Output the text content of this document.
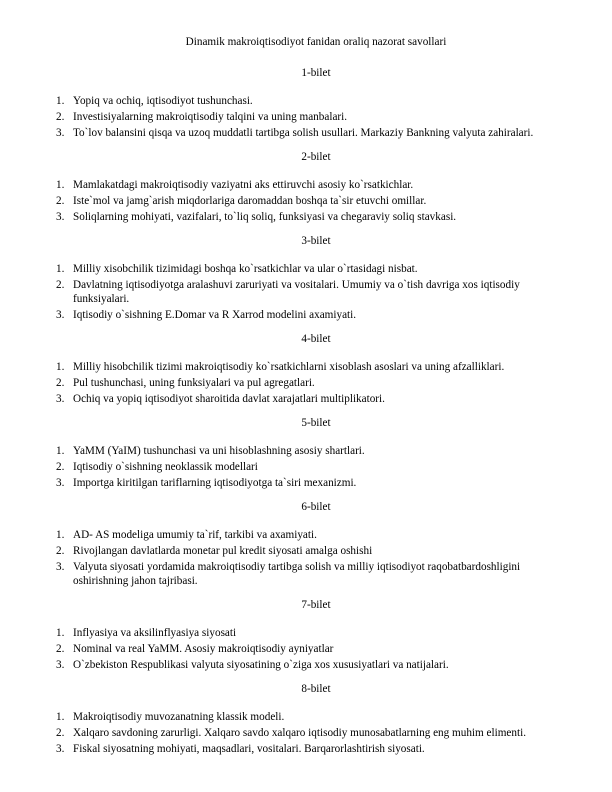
Dinamik makroiqtisodiyot fanidan oraliq nazorat savollari
1-bilet
1. Yopiq va ochiq, iqtisodiyot tushunchasi.
2. Investisiyalarning makroiqtisodiy talqini va uning manbalari.
3. To`lov balansini qisqa va uzoq muddatli tartibga solish usullari. Markaziy Bankning valyuta zahiralari.
2-bilet
1. Mamlakatdagi makroiqtisodiy vaziyatni aks ettiruvchi asosiy ko`rsatkichlar.
2. Iste`mol va jamg`arish miqdorlariga daromaddan boshqa ta`sir etuvchi omillar.
3. Soliqlarning mohiyati, vazifalari, to`liq soliq, funksiyasi va chegaraviy soliq stavkasi.
3-bilet
1. Milliy xisobchilik tizimidagi boshqa ko`rsatkichlar va ular o`rtasidagi nisbat.
2. Davlatning iqtisodiyotga aralashuvi zaruriyati va vositalari. Umumiy va o`tish davriga xos iqtisodiy funksiyalari.
3. Iqtisodiy o`sishning E.Domar va R Xarrod modelini axamiyati.
4-bilet
1. Milliy hisobchilik tizimi makroiqtisodiy ko`rsatkichlarni xisoblash asoslari va uning afzalliklari.
2. Pul tushunchasi, uning funksiyalari va pul agregatlari.
3. Ochiq va yopiq iqtisodiyot sharoitida davlat xarajatlari multiplikatori.
5-bilet
1. YaMM (YaIM) tushunchasi va uni hisoblashning asosiy shartlari.
2. Iqtisodiy o`sishning neoklassik modellari
3. Importga kiritilgan tariflarning iqtisodiyotga ta`siri mexanizmi.
6-bilet
1. AD- AS modeliga umumiy ta`rif, tarkibi va axamiyati.
2. Rivojlangan davlatlarda monetar pul kredit siyosati amalga oshishi
3. Valyuta siyosati yordamida makroiqtisodiy tartibga solish va milliy iqtisodiyot raqobatbardoshligini oshirishning jahon tajribasi.
7-bilet
1. Inflyasiya va aksilinflyasiya siyosati
2. Nominal va real YaMM. Asosiy makroiqtisodiy ayniyatlar
3. O`zbekiston Respublikasi valyuta siyosatining o`ziga xos xususiyatlari va natijalari.
8-bilet
1. Makroiqtisodiy muvozanatning klassik modeli.
2. Xalqaro savdoning zarurligi. Xalqaro savdo xalqaro iqtisodiy munosabatlarning eng muhim elimenti.
3. Fiskal siyosatning mohiyati, maqsadlari, vositalari. Barqarorlashtirish siyosati.
